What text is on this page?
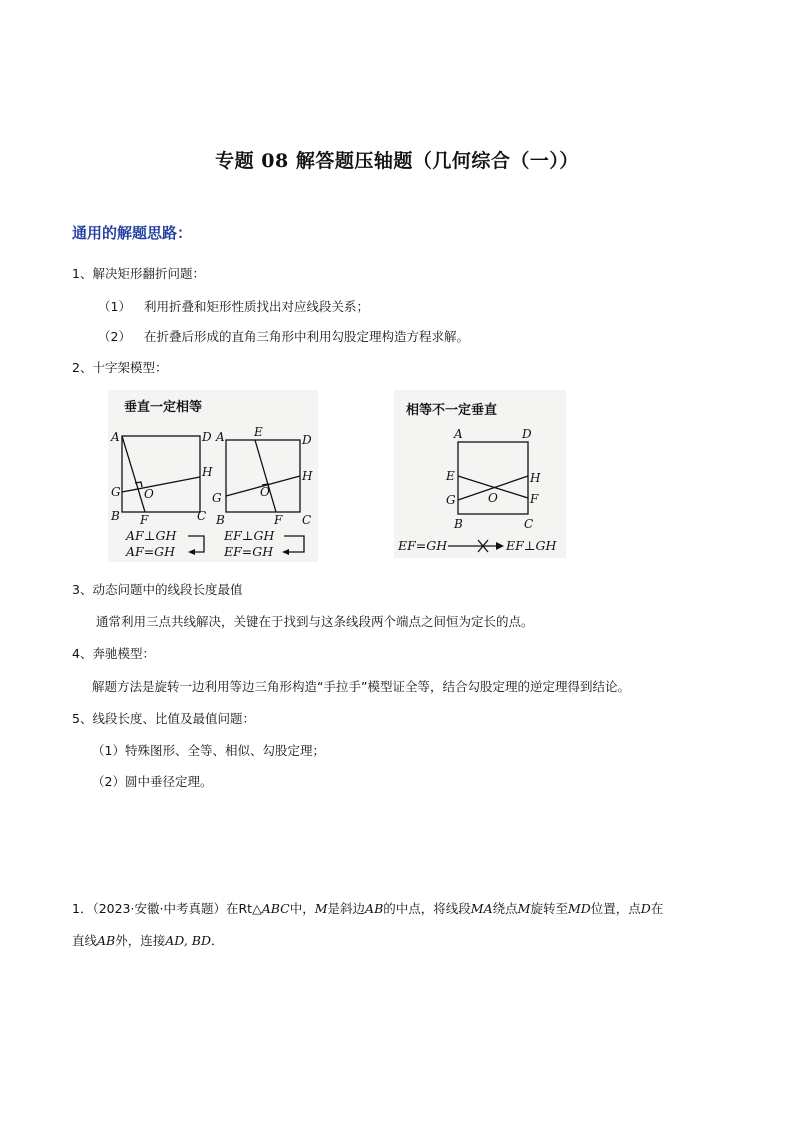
专题 08 解答题压轴题（几何综合（一））
通用的解题思路：
1、解决矩形翻折问题：
（1） 利用折叠和矩形性质找出对应线段关系；
（2） 在折叠后形成的直角三角形中利用勾股定理构造方程求解。
2、十字架模型：
垂直一定相等
A	D
G
H
O
B F	C
A E
D
G
H
O
B	F C
AF⊥GH
AF=GH
EF⊥GH
EF=GH
相等不一定垂直
A	D
E	H
G	O	F
B	C
EF=GH	EF⊥GH
3、动态问题中的线段长度最值
通常利用三点共线解决，关键在于找到与这条线段两个端点之间恒为定长的点。
4、奔驰模型：
解题方法是旋转一边利用等边三角形构造“手拉手”模型证全等，结合勾股定理的逆定理得到结论。
5、线段长度、比值及最值问题：
（1）特殊图形、全等、相似、勾股定理；
（2）圆中垂径定理。
1．（2023·安徽·中考真题）在Rt△ABC中，M是斜边AB的中点，将线段MA绕点M旋转至MD位置，点D在
直线AB外，连接AD, BD．
